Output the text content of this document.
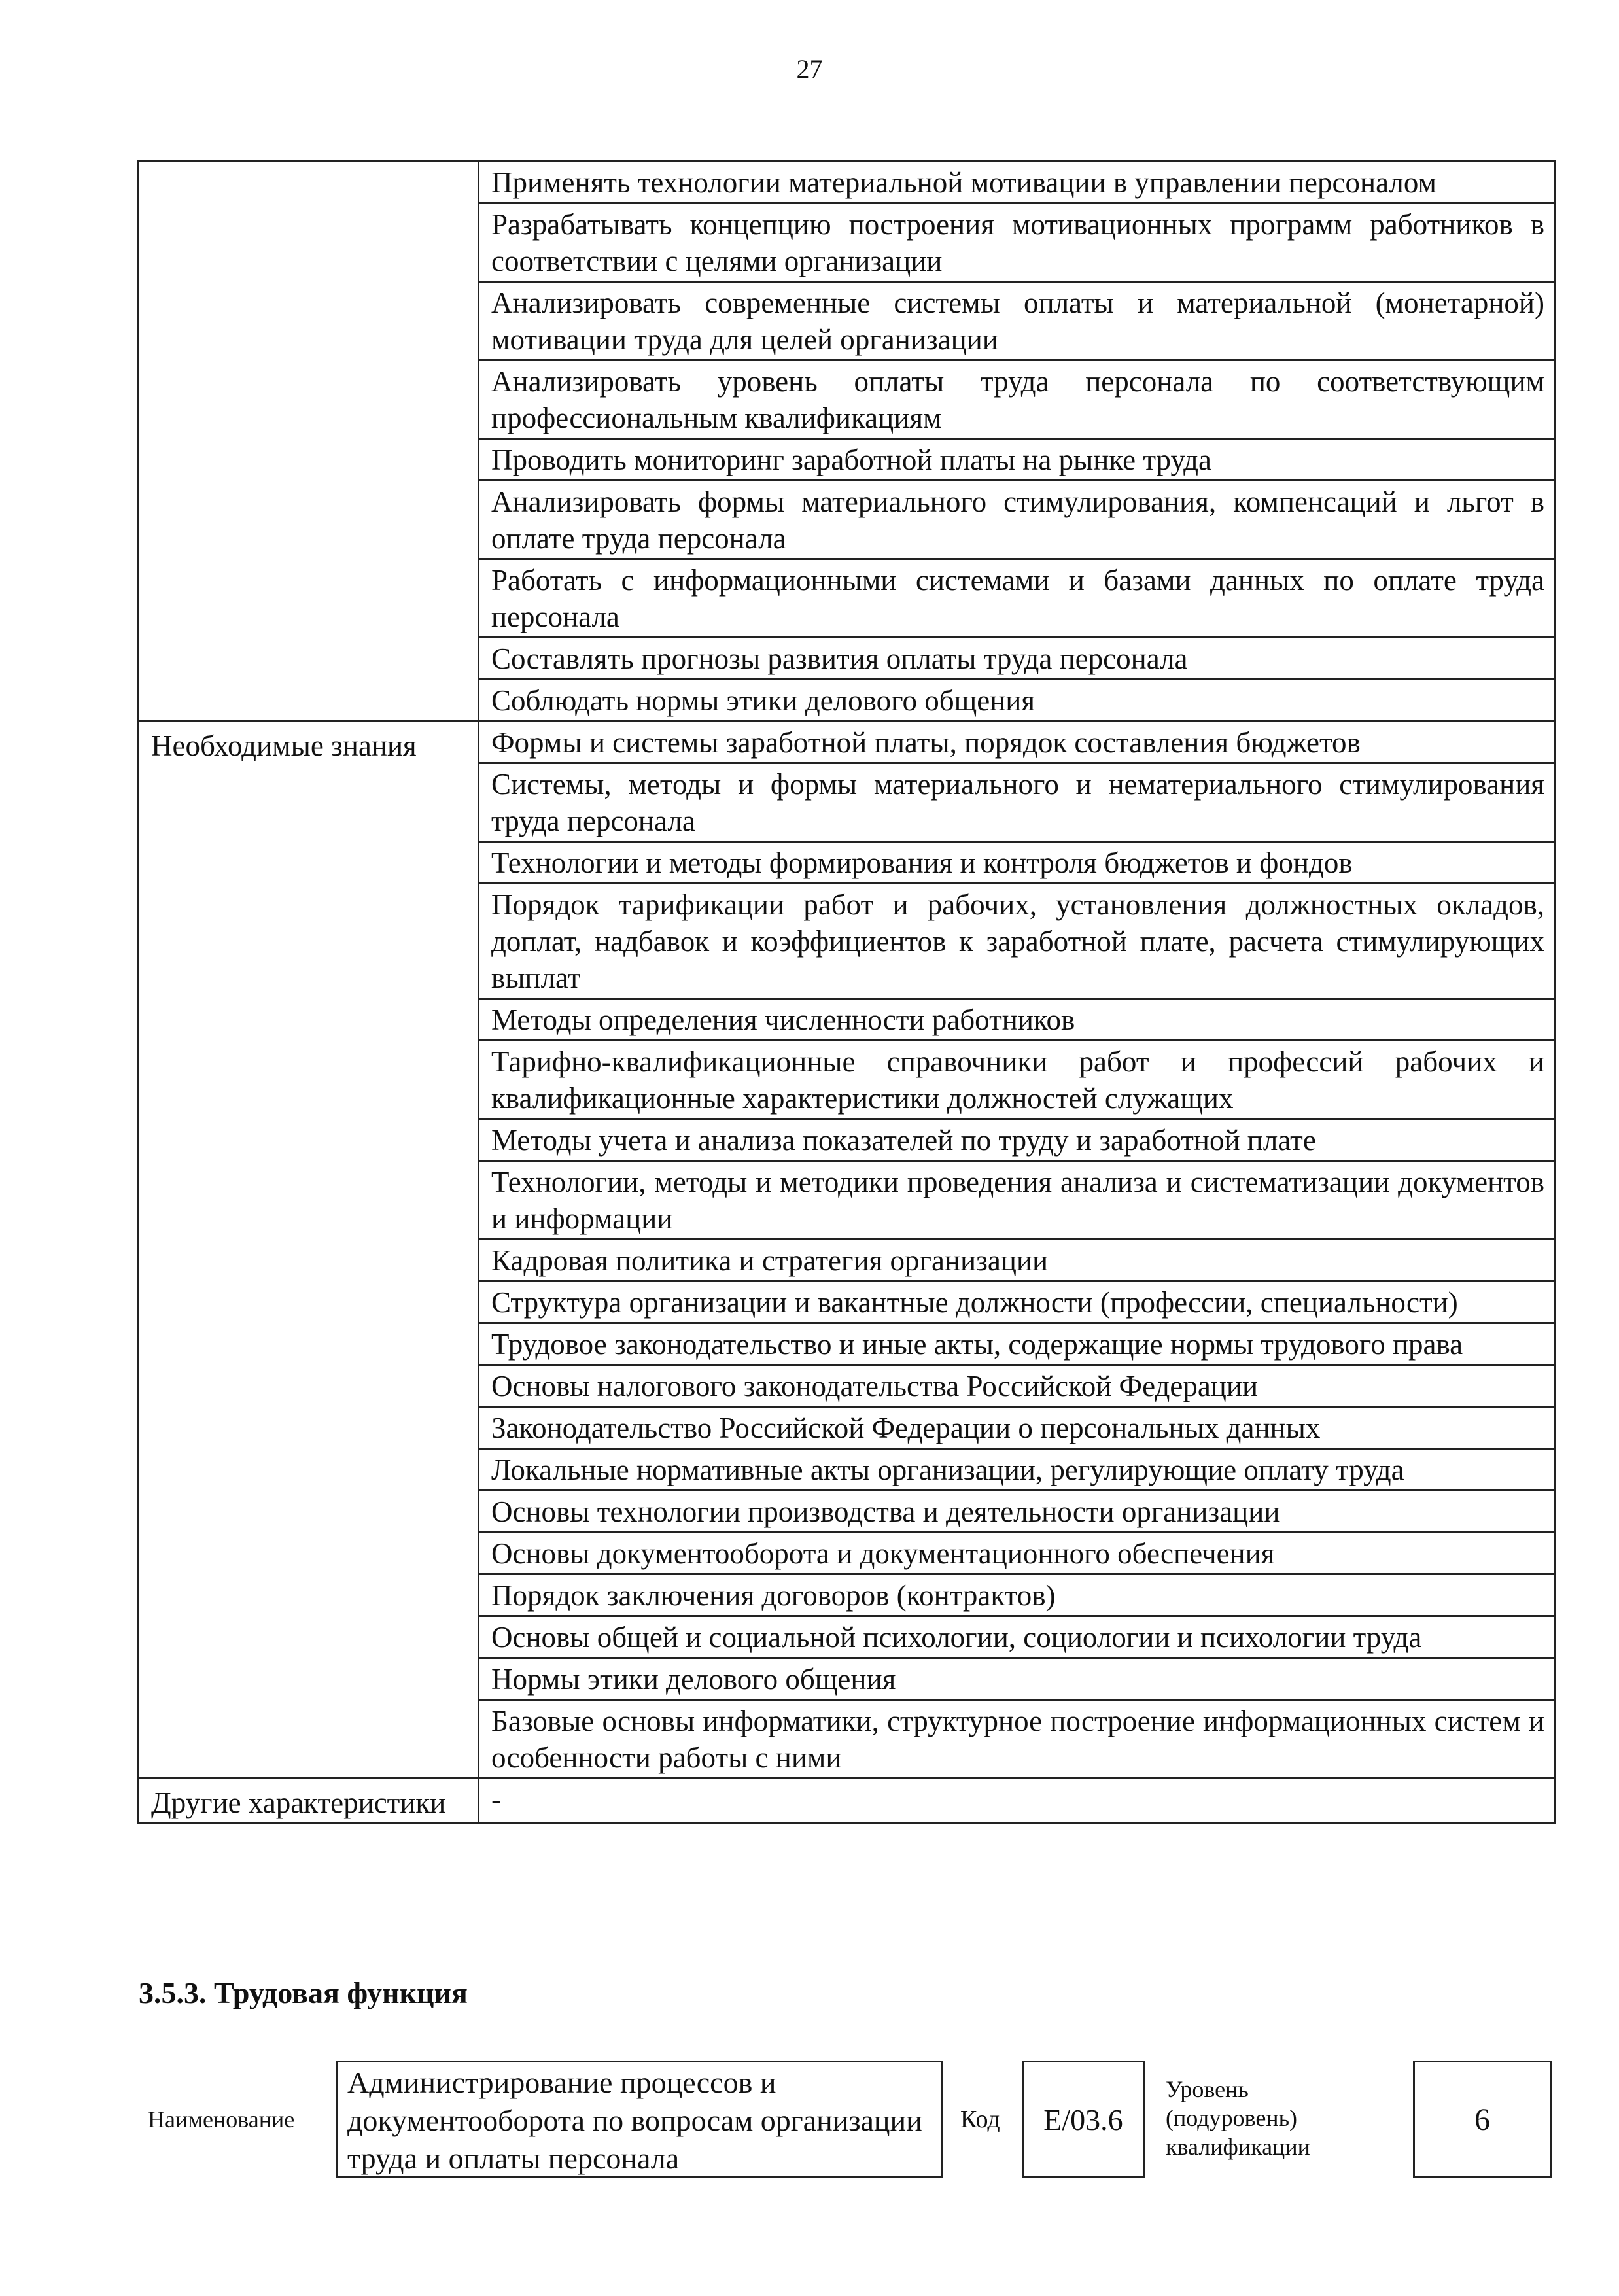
27
	Применять технологии материальной мотивации в управлении персоналом
	Разрабатывать концепцию построения мотивационных программ работников в соответствии с целями организации
	Анализировать современные системы оплаты и материальной (монетарной) мотивации труда для целей организации
	Анализировать уровень оплаты труда персонала по соответствующим профессиональным квалификациям
	Проводить мониторинг заработной платы на рынке труда
	Анализировать формы материального стимулирования, компенсаций и льгот в оплате труда персонала
	Работать с информационными системами и базами данных по оплате труда персонала
	Составлять прогнозы развития оплаты труда персонала
	Соблюдать нормы этики делового общения
Необходимые знания	Формы и системы заработной платы, порядок составления бюджетов
	Системы, методы и формы материального и нематериального стимулирования труда персонала
	Технологии и методы формирования и контроля бюджетов и фондов
	Порядок тарификации работ и рабочих, установления должностных окладов, доплат, надбавок и коэффициентов к заработной плате, расчета стимулирующих выплат
	Методы определения численности работников
	Тарифно-квалификационные справочники работ и профессий рабочих и квалификационные характеристики должностей служащих
	Методы учета и анализа показателей по труду и заработной плате
	Технологии, методы и методики проведения анализа и систематизации документов и информации
	Кадровая политика и стратегия организации
	Структура организации и вакантные должности (профессии, специальности)
	Трудовое законодательство и иные акты, содержащие нормы трудового права
	Основы налогового законодательства Российской Федерации
	Законодательство Российской Федерации о персональных данных
	Локальные нормативные акты организации, регулирующие оплату труда
	Основы технологии производства и деятельности организации
	Основы документооборота и документационного обеспечения
	Порядок заключения договоров (контрактов)
	Основы общей и социальной психологии, социологии и психологии труда
	Нормы этики делового общения
	Базовые основы информатики, структурное построение информационных систем и особенности работы с ними
Другие характеристики	-
3.5.3. Трудовая функция
Наименование
Администрирование процессов и документооборота по вопросам организации труда и оплаты персонала
Код	E/03.6
Уровень (подуровень) квалификации
6
